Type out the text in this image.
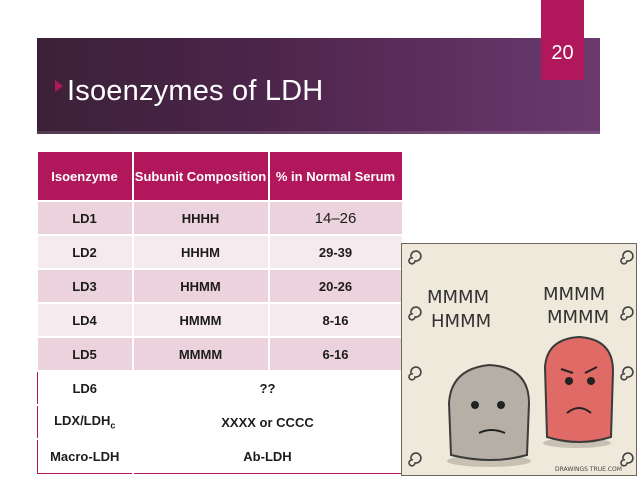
Isoenzymes of LDH
20
Isoenzyme	Subunit Composition	% in Normal Serum
LD1	HHHH	14–26
LD2	HHHM	29-39
LD3	HHMM	20-26
LD4	HMMM	8-16
LD5	MMMM	6-16
LD6	??	
LDX/$LDH_c$	XXXX or CCCC	
Macro-LDH	Ab-LDH	
MMMM
HMMM
MMMM
MMMM
DRAWINGS TRUE.COM
